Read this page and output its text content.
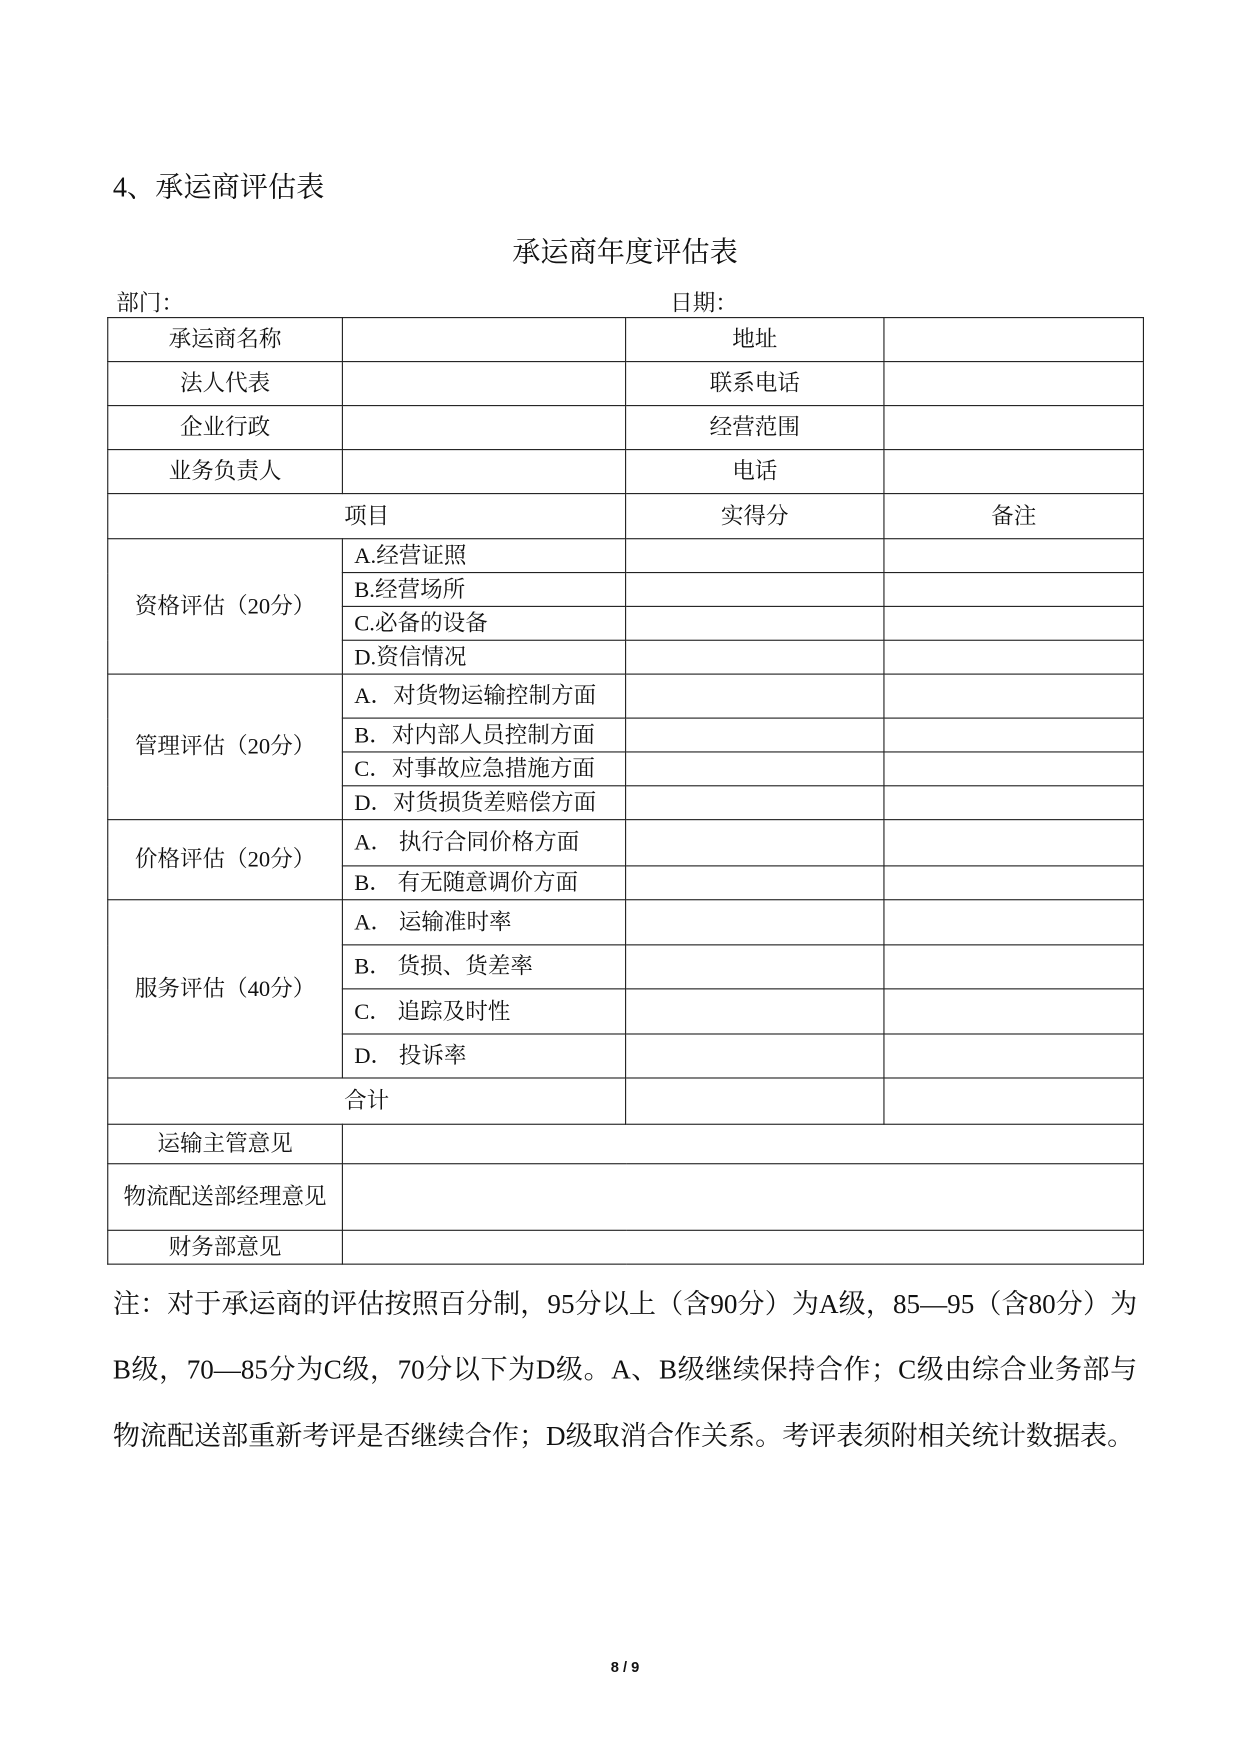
4、承运商评估表
承运商年度评估表
部门：	日期：
承运商名称		地址	
法人代表		联系电话	
企业行政		经营范围	
业务负责人		电话	
项目		实得分	备注
资格评估（20分）	A.经营证照		
	B.经营场所		
	C.必备的设备		
	D.资信情况		
管理评估（20分）	A．对货物运输控制方面		
	B．对内部人员控制方面		
	C．对事故应急措施方面		
	D．对货损货差赔偿方面		
价格评估（20分）	A． 执行合同价格方面		
	B． 有无随意调价方面		
服务评估（40分）	A． 运输准时率		
	B． 货损、货差率		
	C． 追踪及时性		
	D． 投诉率		
合计			
运输主管意见			
物流配送部经理意见			
财务部意见			
注：对于承运商的评估按照百分制，95分以上（含90分）为A级，85—95（含80分）为B级，70—85分为C级，70分以下为D级。A、B级继续保持合作；C级由综合业务部与物流配送部重新考评是否继续合作；D级取消合作关系。考评表须附相关统计数据表。
8 / 9
